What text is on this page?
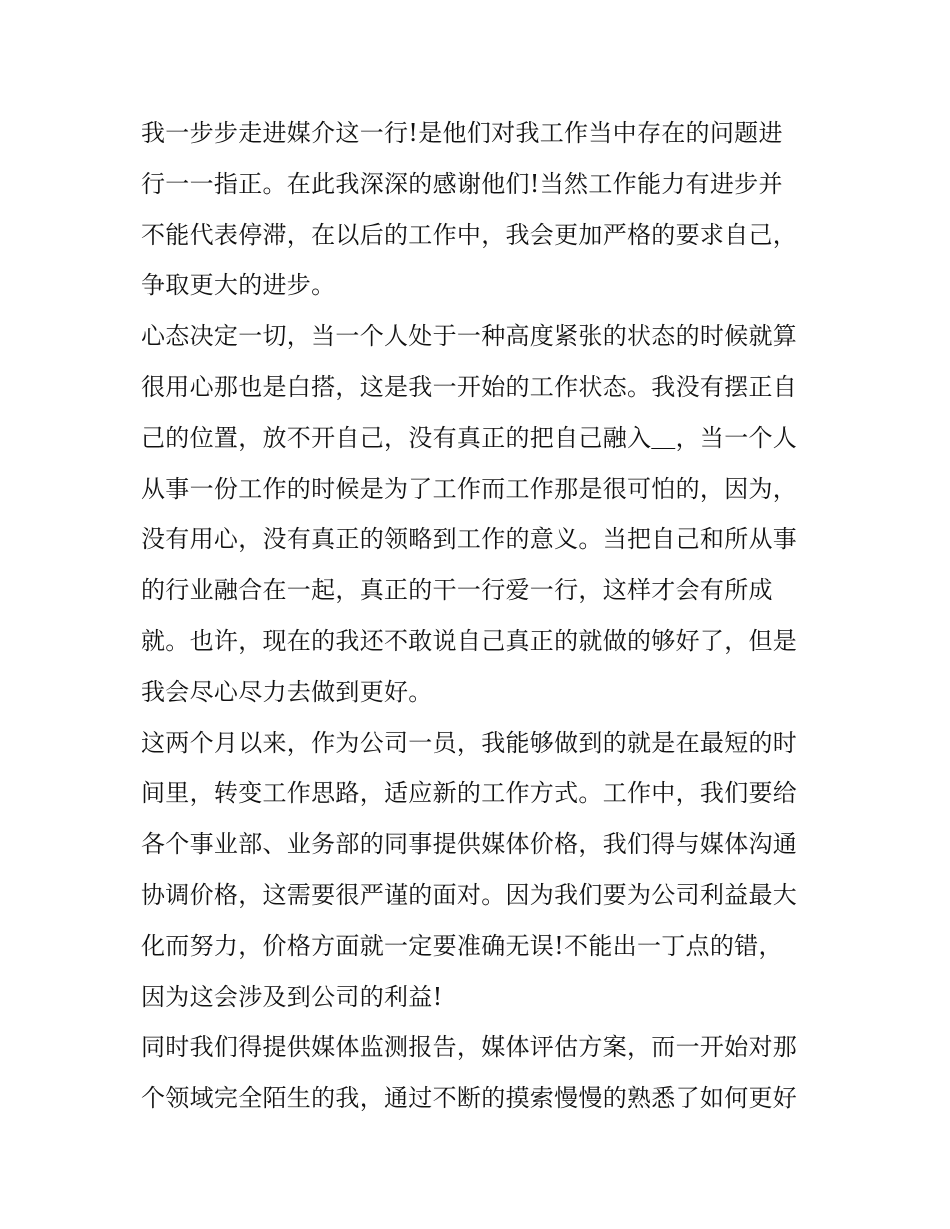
我一步步走进媒介这一行!是他们对我工作当中存在的问题进
行一一指正。在此我深深的感谢他们!当然工作能力有进步并
不能代表停滞，在以后的工作中，我会更加严格的要求自己，
争取更大的进步。
心态决定一切，当一个人处于一种高度紧张的状态的时候就算
很用心那也是白搭，这是我一开始的工作状态。我没有摆正自
己的位置，放不开自己，没有真正的把自己融入＿，当一个人
从事一份工作的时候是为了工作而工作那是很可怕的，因为，
没有用心，没有真正的领略到工作的意义。当把自己和所从事
的行业融合在一起，真正的干一行爱一行，这样才会有所成
就。也许，现在的我还不敢说自己真正的就做的够好了，但是
我会尽心尽力去做到更好。
这两个月以来，作为公司一员，我能够做到的就是在最短的时
间里，转变工作思路，适应新的工作方式。工作中，我们要给
各个事业部、业务部的同事提供媒体价格，我们得与媒体沟通
协调价格，这需要很严谨的面对。因为我们要为公司利益最大
化而努力，价格方面就一定要准确无误!不能出一丁点的错，
因为这会涉及到公司的利益!
同时我们得提供媒体监测报告，媒体评估方案，而一开始对那
个领域完全陌生的我，通过不断的摸索慢慢的熟悉了如何更好
